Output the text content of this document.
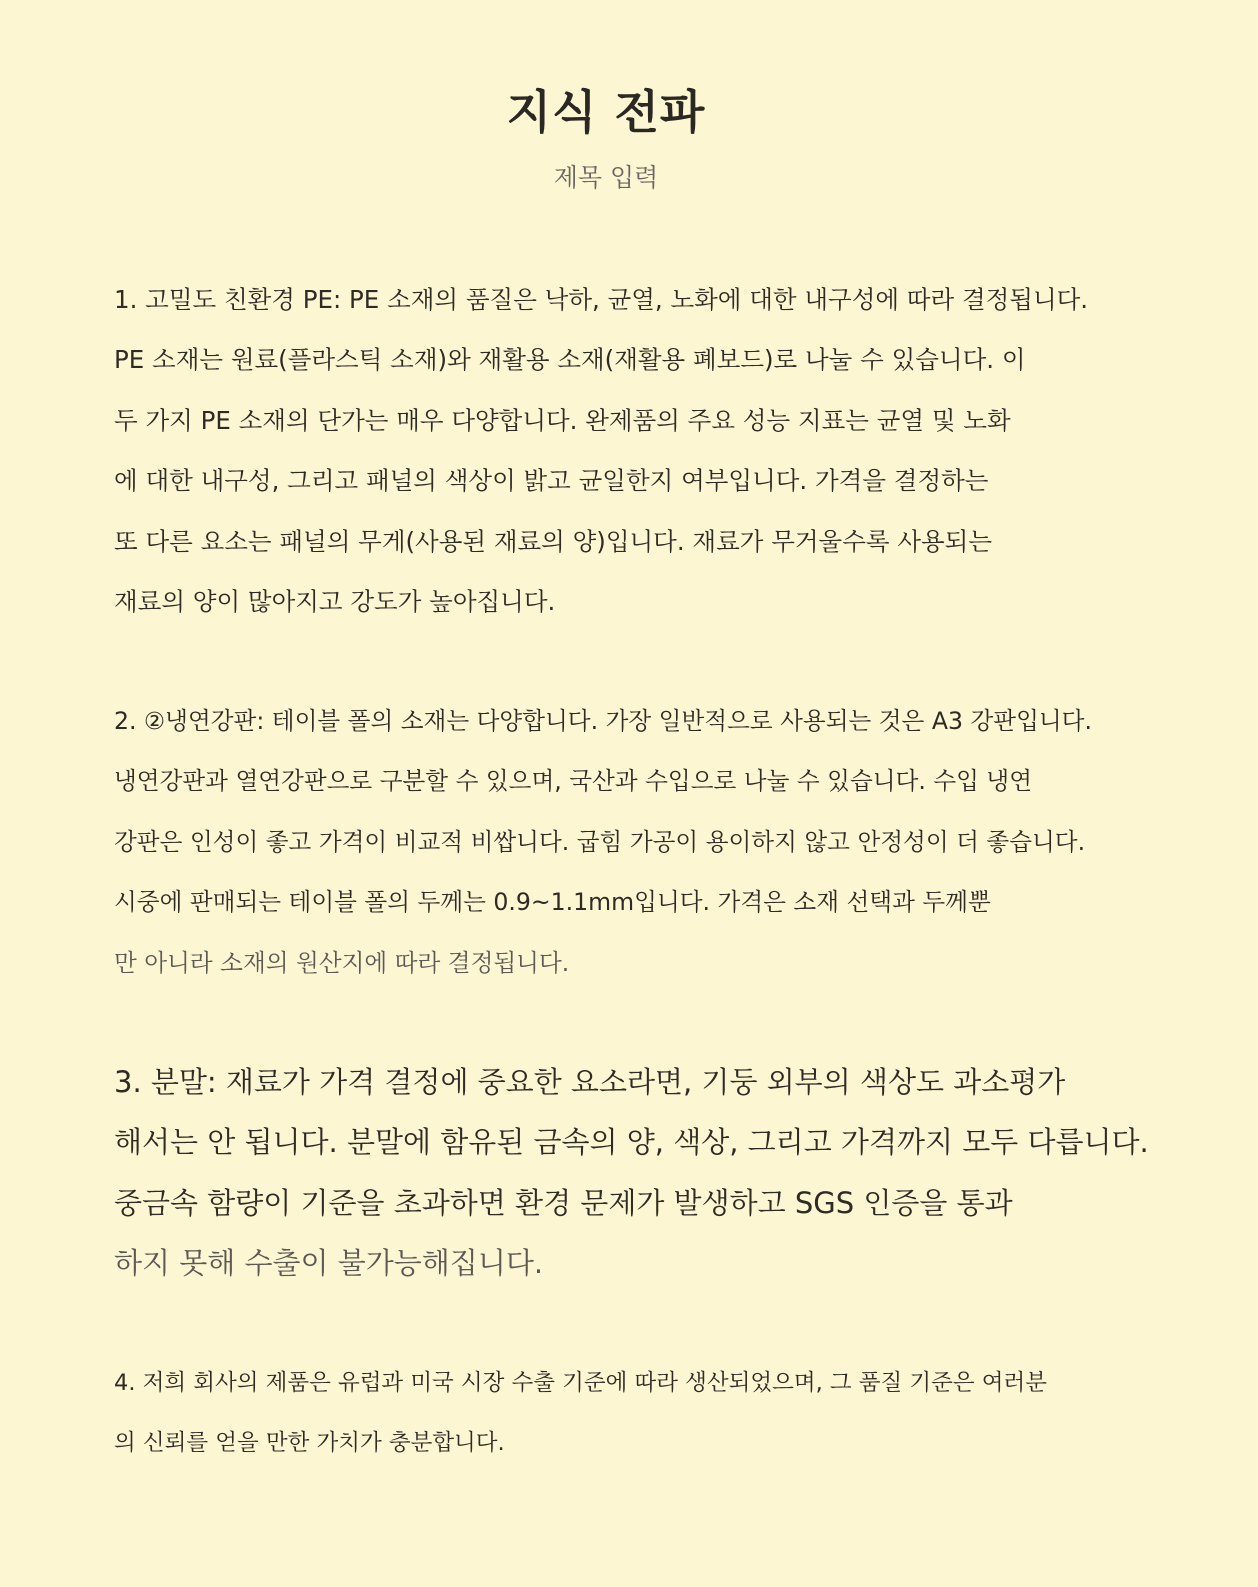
지식 전파
제목 입력
1. 고밀도 친환경 PE: PE 소재의 품질은 낙하, 균열, 노화에 대한 내구성에 따라 결정됩니다.
PE 소재는 원료(플라스틱 소재)와 재활용 소재(재활용 폐보드)로 나눌 수 있습니다. 이
두 가지 PE 소재의 단가는 매우 다양합니다. 완제품의 주요 성능 지표는 균열 및 노화
에 대한 내구성, 그리고 패널의 색상이 밝고 균일한지 여부입니다. 가격을 결정하는
또 다른 요소는 패널의 무게(사용된 재료의 양)입니다. 재료가 무거울수록 사용되는
재료의 양이 많아지고 강도가 높아집니다.
2. ②냉연강판: 테이블 폴의 소재는 다양합니다. 가장 일반적으로 사용되는 것은 A3 강판입니다.
냉연강판과 열연강판으로 구분할 수 있으며, 국산과 수입으로 나눌 수 있습니다. 수입 냉연
강판은 인성이 좋고 가격이 비교적 비쌉니다. 굽힘 가공이 용이하지 않고 안정성이 더 좋습니다.
시중에 판매되는 테이블 폴의 두께는 0.9~1.1mm입니다. 가격은 소재 선택과 두께뿐
만 아니라 소재의 원산지에 따라 결정됩니다.
3. 분말: 재료가 가격 결정에 중요한 요소라면, 기둥 외부의 색상도 과소평가
해서는 안 됩니다. 분말에 함유된 금속의 양, 색상, 그리고 가격까지 모두 다릅니다.
중금속 함량이 기준을 초과하면 환경 문제가 발생하고 SGS 인증을 통과
하지 못해 수출이 불가능해집니다.
4. 저희 회사의 제품은 유럽과 미국 시장 수출 기준에 따라 생산되었으며, 그 품질 기준은 여러분
의 신뢰를 얻을 만한 가치가 충분합니다.
